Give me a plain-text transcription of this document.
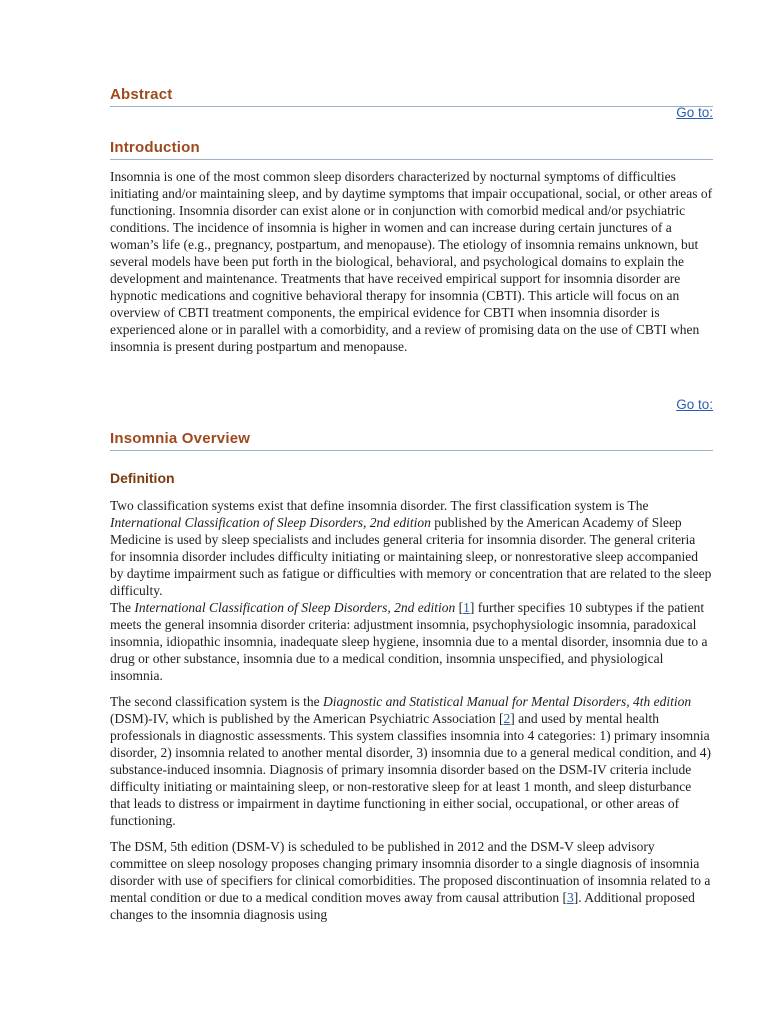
Abstract
Go to:
Introduction

Insomnia is one of the most common sleep disorders characterized by nocturnal symptoms of difficulties initiating and/or maintaining sleep, and by daytime symptoms that impair occupational, social, or other areas of functioning. Insomnia disorder can exist alone or in conjunction with comorbid medical and/or psychiatric conditions. The incidence of insomnia is higher in women and can increase during certain junctures of a woman’s life (e.g., pregnancy, postpartum, and menopause). The etiology of insomnia remains unknown, but several models have been put forth in the biological, behavioral, and psychological domains to explain the development and maintenance. Treatments that have received empirical support for insomnia disorder are hypnotic medications and cognitive behavioral therapy for insomnia (CBTI). This article will focus on an overview of CBTI treatment components, the empirical evidence for CBTI when insomnia disorder is experienced alone or in parallel with a comorbidity, and a review of promising data on the use of CBTI when insomnia is present during postpartum and menopause.

Go to:
Insomnia Overview
Definition

Two classification systems exist that define insomnia disorder. The first classification system is The International Classification of Sleep Disorders, 2nd edition published by the American Academy of Sleep Medicine is used by sleep specialists and includes general criteria for insomnia disorder. The general criteria for insomnia disorder includes difficulty initiating or maintaining sleep, or nonrestorative sleep accompanied by daytime impairment such as fatigue or difficulties with memory or concentration that are related to the sleep difficulty.
The International Classification of Sleep Disorders, 2nd edition [1] further specifies 10 subtypes if the patient meets the general insomnia disorder criteria: adjustment insomnia, psychophysiologic insomnia, paradoxical insomnia, idiopathic insomnia, inadequate sleep hygiene, insomnia due to a mental disorder, insomnia due to a drug or other substance, insomnia due to a medical condition, insomnia unspecified, and physiological insomnia.

The second classification system is the Diagnostic and Statistical Manual for Mental Disorders, 4th edition (DSM)-IV, which is published by the American Psychiatric Association [2] and used by mental health professionals in diagnostic assessments. This system classifies insomnia into 4 categories: 1) primary insomnia disorder, 2) insomnia related to another mental disorder, 3) insomnia due to a general medical condition, and 4) substance-induced insomnia. Diagnosis of primary insomnia disorder based on the DSM-IV criteria include difficulty initiating or maintaining sleep, or non-restorative sleep for at least 1 month, and sleep disturbance that leads to distress or impairment in daytime functioning in either social, occupational, or other areas of functioning.

The DSM, 5th edition (DSM-V) is scheduled to be published in 2012 and the DSM-V sleep advisory committee on sleep nosology proposes changing primary insomnia disorder to a single diagnosis of insomnia disorder with use of specifiers for clinical comorbidities. The proposed discontinuation of insomnia related to a mental condition or due to a medical condition moves away from causal attribution [3]. Additional proposed changes to the insomnia diagnosis using
